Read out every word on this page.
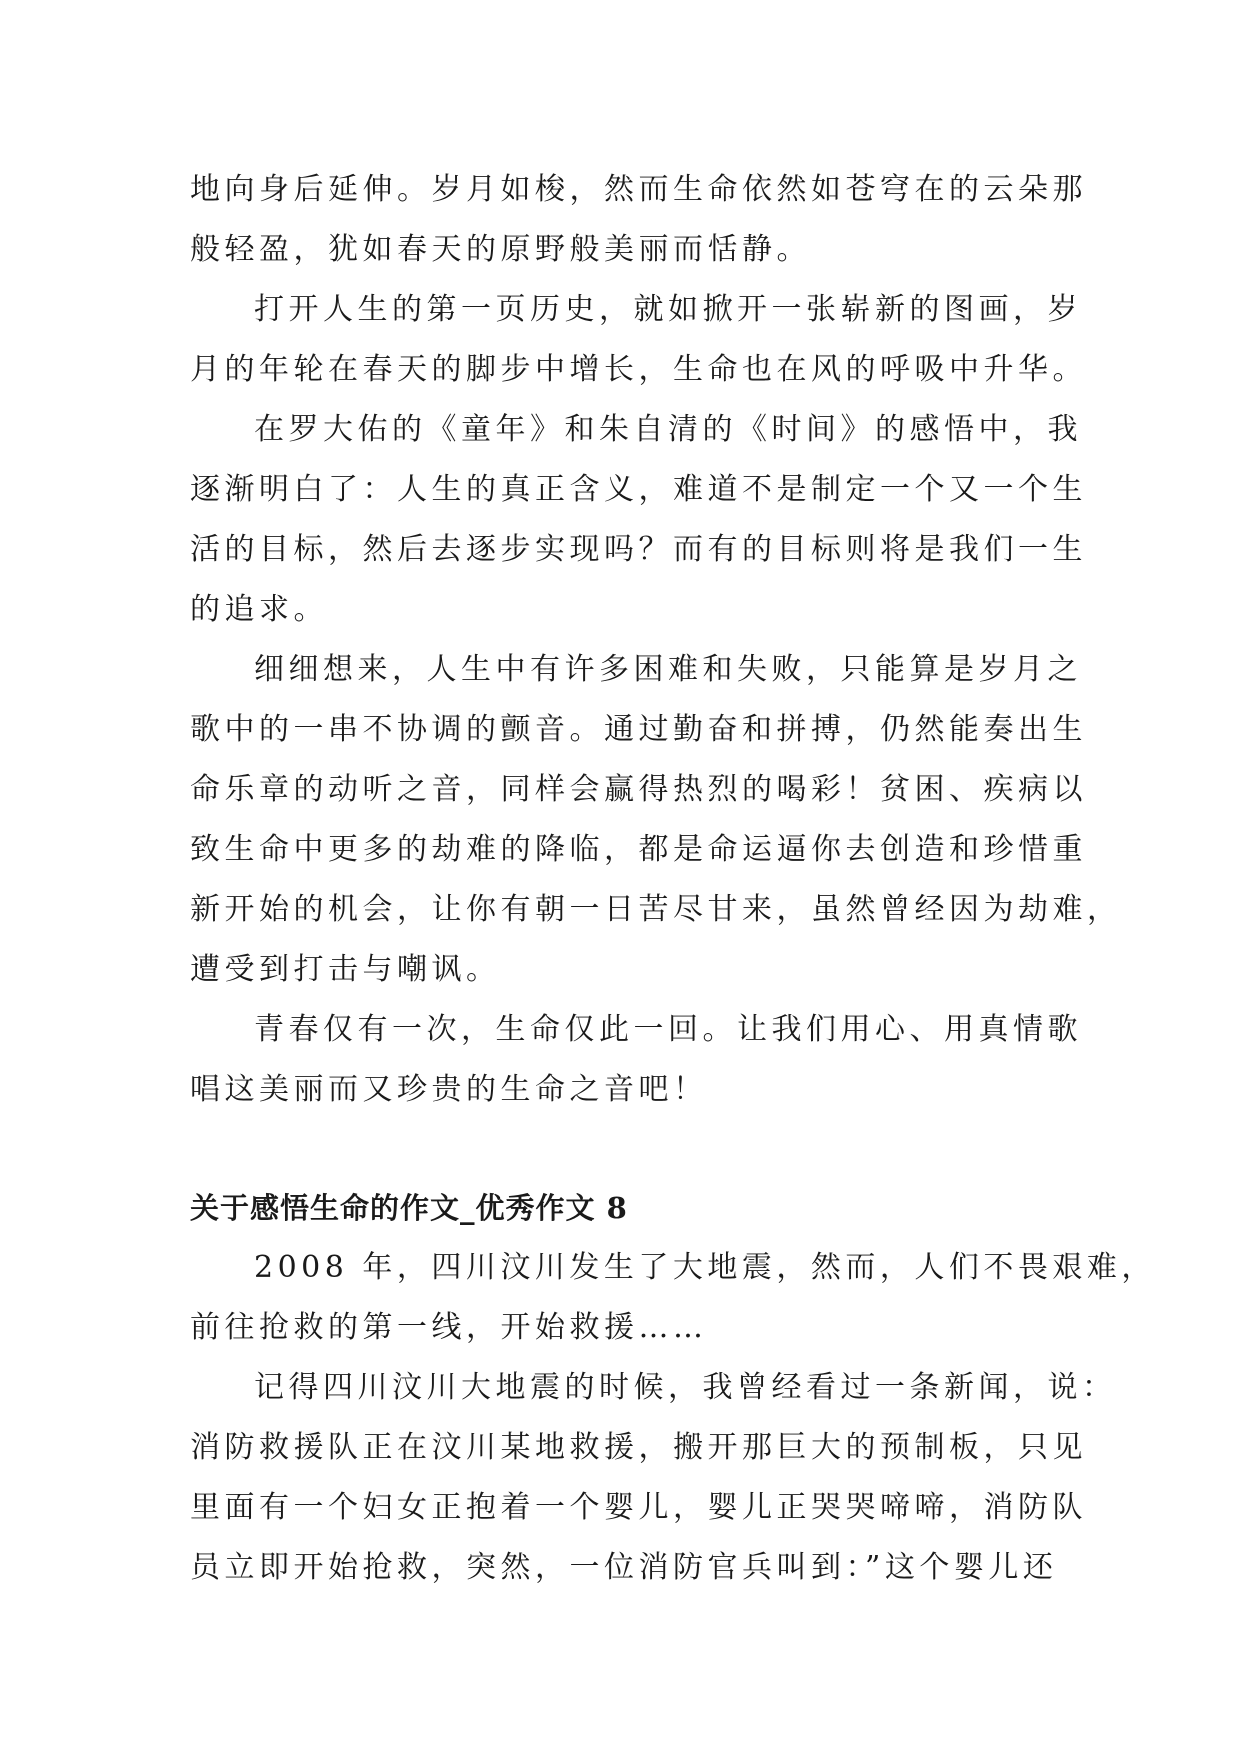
地向身后延伸。岁月如梭，然而生命依然如苍穹在的云朵那
般轻盈，犹如春天的原野般美丽而恬静。

打开人生的第一页历史，就如掀开一张崭新的图画，岁
月的年轮在春天的脚步中增长，生命也在风的呼吸中升华。

在罗大佑的《童年》和朱自清的《时间》的感悟中，我
逐渐明白了：人生的真正含义，难道不是制定一个又一个生
活的目标，然后去逐步实现吗？而有的目标则将是我们一生
的追求。

细细想来，人生中有许多困难和失败，只能算是岁月之
歌中的一串不协调的颤音。通过勤奋和拼搏，仍然能奏出生
命乐章的动听之音，同样会赢得热烈的喝彩！贫困、疾病以
致生命中更多的劫难的降临，都是命运逼你去创造和珍惜重
新开始的机会，让你有朝一日苦尽甘来，虽然曾经因为劫难，
遭受到打击与嘲讽。

青春仅有一次，生命仅此一回。让我们用心、用真情歌
唱这美丽而又珍贵的生命之音吧！

关于感悟生命的作文_优秀作文 8

2008 年，四川汶川发生了大地震，然而，人们不畏艰难，
前往抢救的第一线，开始救援……

记得四川汶川大地震的时候，我曾经看过一条新闻，说：
消防救援队正在汶川某地救援，搬开那巨大的预制板，只见
里面有一个妇女正抱着一个婴儿，婴儿正哭哭啼啼，消防队
员立即开始抢救，突然，一位消防官兵叫到：”这个婴儿还
